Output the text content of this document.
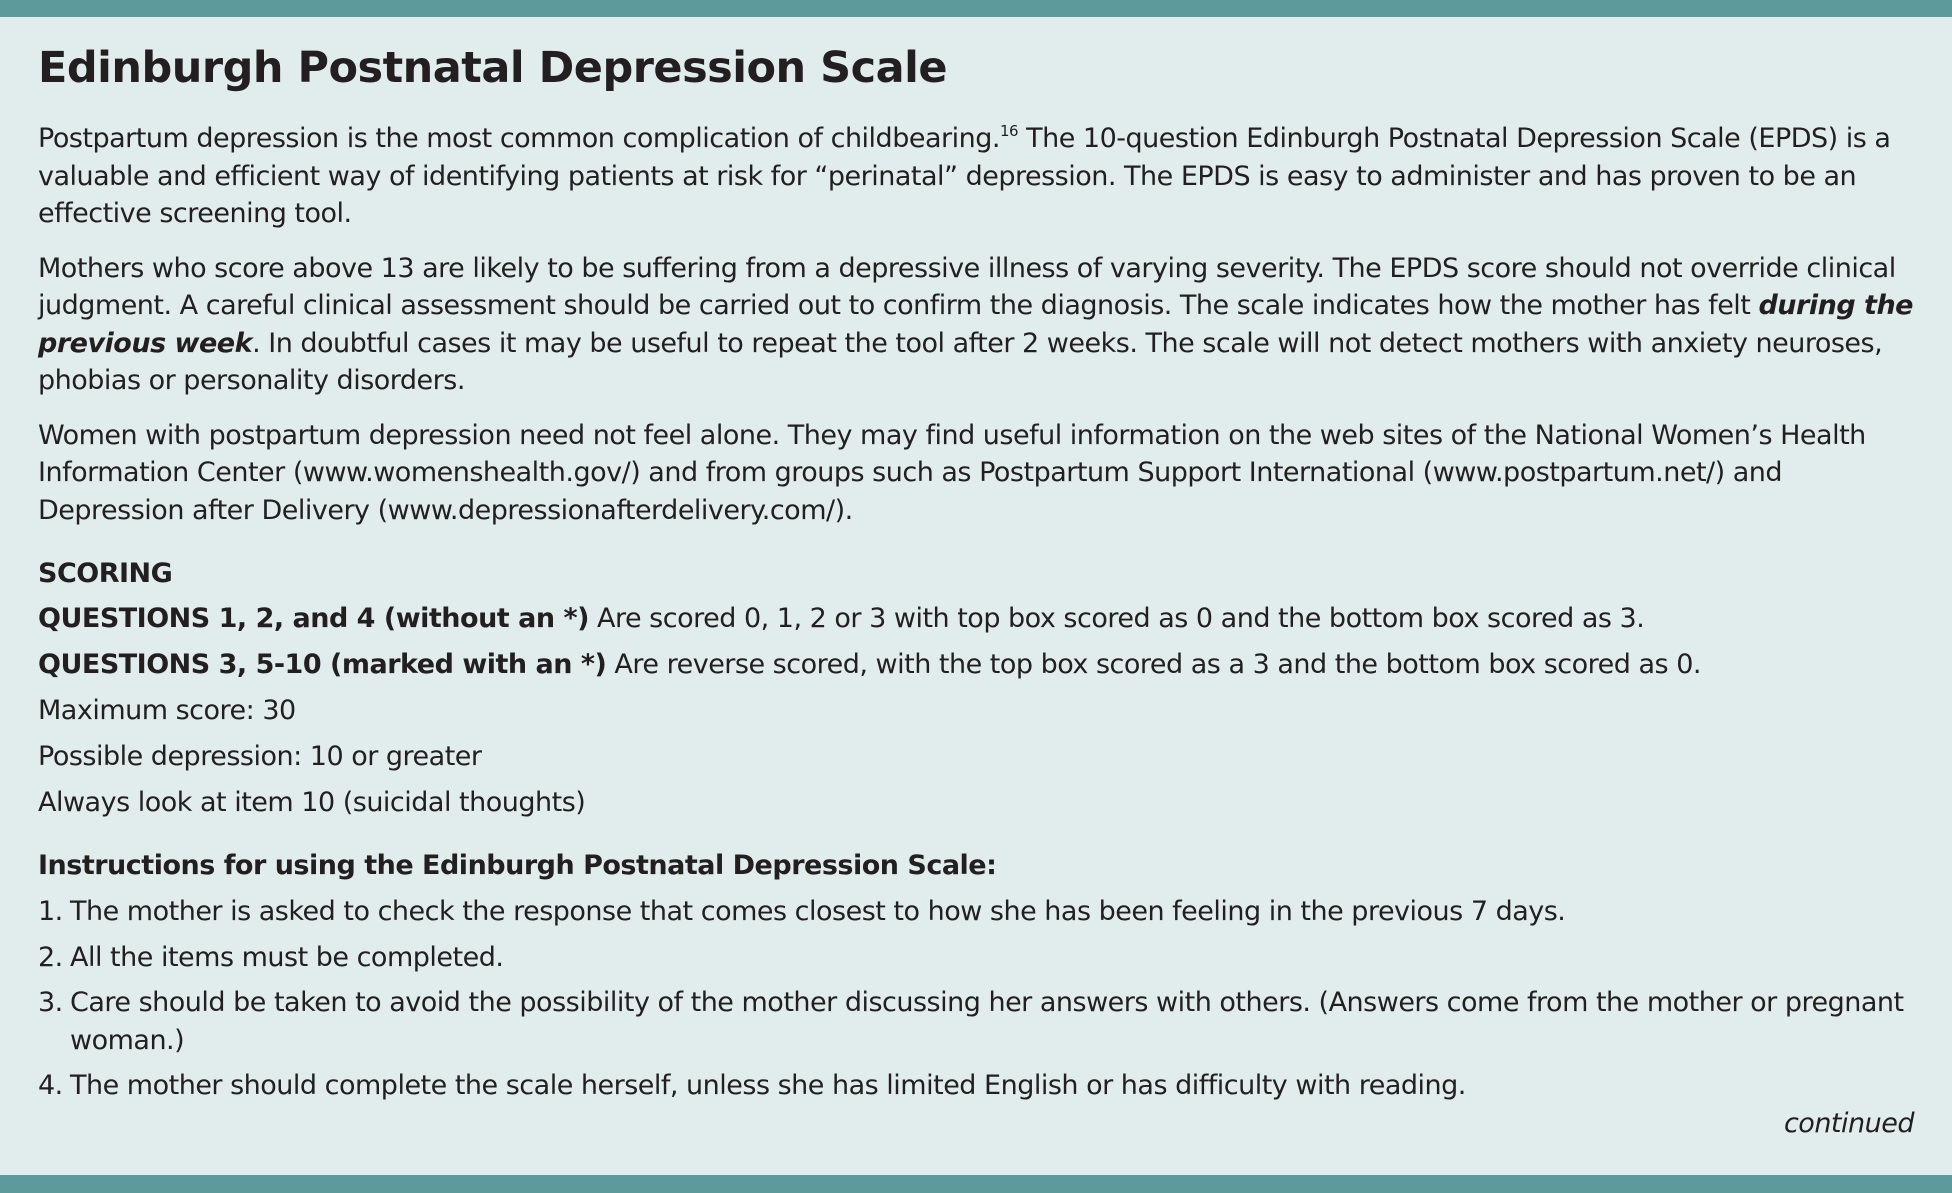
Edinburgh Postnatal Depression Scale

Postpartum depression is the most common complication of childbearing.$^{16}$ The 10-question Edinburgh Postnatal Depression Scale (EPDS) is a valuable and efficient way of identifying patients at risk for “perinatal” depression. The EPDS is easy to administer and has proven to be an effective screening tool.

Mothers who score above 13 are likely to be suffering from a depressive illness of varying severity. The EPDS score should not override clinical judgment. A careful clinical assessment should be carried out to confirm the diagnosis. The scale indicates how the mother has felt during the previous week. In doubtful cases it may be useful to repeat the tool after 2 weeks. The scale will not detect mothers with anxiety neuroses, phobias or personality disorders.

Women with postpartum depression need not feel alone. They may find useful information on the web sites of the National Women’s Health Information Center (www.womenshealth.gov/) and from groups such as Postpartum Support International (www.postpartum.net/) and Depression after Delivery (www.depressionafterdelivery.com/).

SCORING
QUESTIONS 1, 2, and 4 (without an *) Are scored 0, 1, 2 or 3 with top box scored as 0 and the bottom box scored as 3.
QUESTIONS 3, 5-10 (marked with an *) Are reverse scored, with the top box scored as a 3 and the bottom box scored as 0.
Maximum score: 30
Possible depression: 10 or greater
Always look at item 10 (suicidal thoughts)
Instructions for using the Edinburgh Postnatal Depression Scale:
1. The mother is asked to check the response that comes closest to how she has been feeling in the previous 7 days.
2. All the items must be completed.
3. Care should be taken to avoid the possibility of the mother discussing her answers with others. (Answers come from the mother or pregnant woman.)
4. The mother should complete the scale herself, unless she has limited English or has difficulty with reading.
continued
